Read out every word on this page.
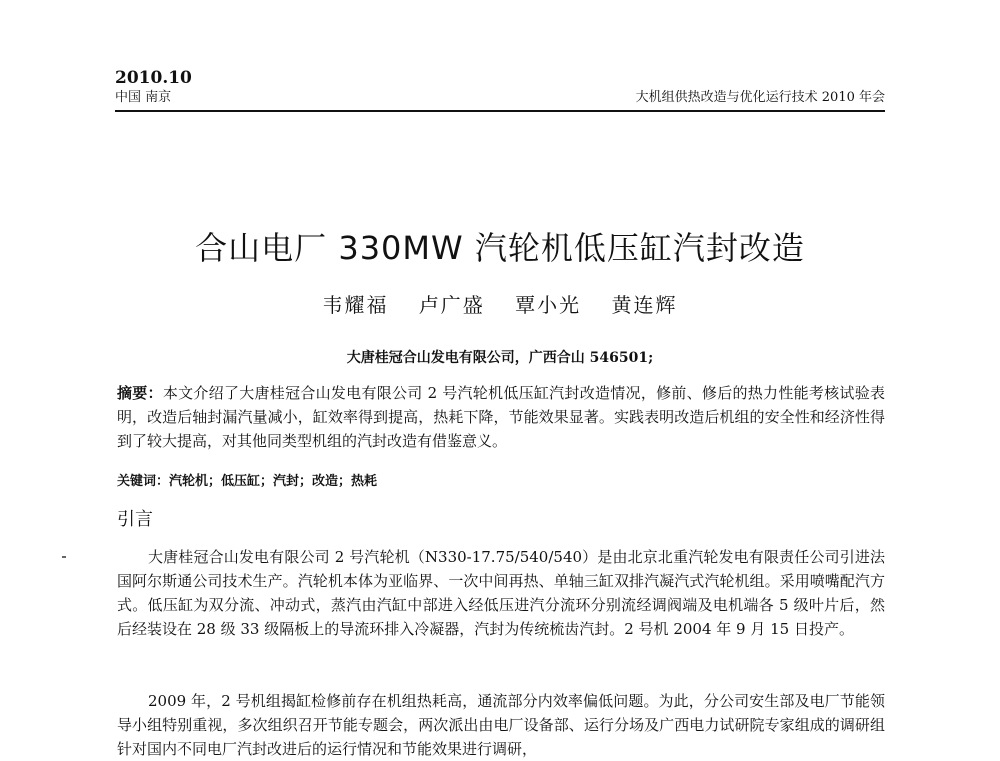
2010.10
中国 南京	大机组供热改造与优化运行技术 2010 年会
合山电厂 330MW 汽轮机低压缸汽封改造
韦耀福 卢广盛 覃小光 黄连辉
大唐桂冠合山发电有限公司，广西合山 546501;

摘要：本文介绍了大唐桂冠合山发电有限公司 2 号汽轮机低压缸汽封改造情况，修前、修后的热力性能考核试验表明，改造后轴封漏汽量减小，缸效率得到提高，热耗下降，节能效果显著。实践表明改造后机组的安全性和经济性得到了较大提高，对其他同类型机组的汽封改造有借鉴意义。

关键词：汽轮机；低压缸；汽封；改造；热耗
引言

大唐桂冠合山发电有限公司 2 号汽轮机（N330-17.75/540/540）是由北京北重汽轮发电有限责任公司引进法国阿尔斯通公司技术生产。汽轮机本体为亚临界、一次中间再热、单轴三缸双排汽凝汽式汽轮机组。采用喷嘴配汽方式。低压缸为双分流、冲动式，蒸汽由汽缸中部进入经低压进汽分流环分别流经调阀端及电机端各 5 级叶片后，然后经装设在 28 级 33 级隔板上的导流环排入冷凝器，汽封为传统梳齿汽封。2 号机 2004 年 9 月 15 日投产。

2009 年，2 号机组揭缸检修前存在机组热耗高，通流部分内效率偏低问题。为此，分公司安生部及电厂节能领导小组特别重视，多次组织召开节能专题会，两次派出由电厂设备部、运行分场及广西电力试研院专家组成的调研组针对国内不同电厂汽封改进后的运行情况和节能效果进行调研，
